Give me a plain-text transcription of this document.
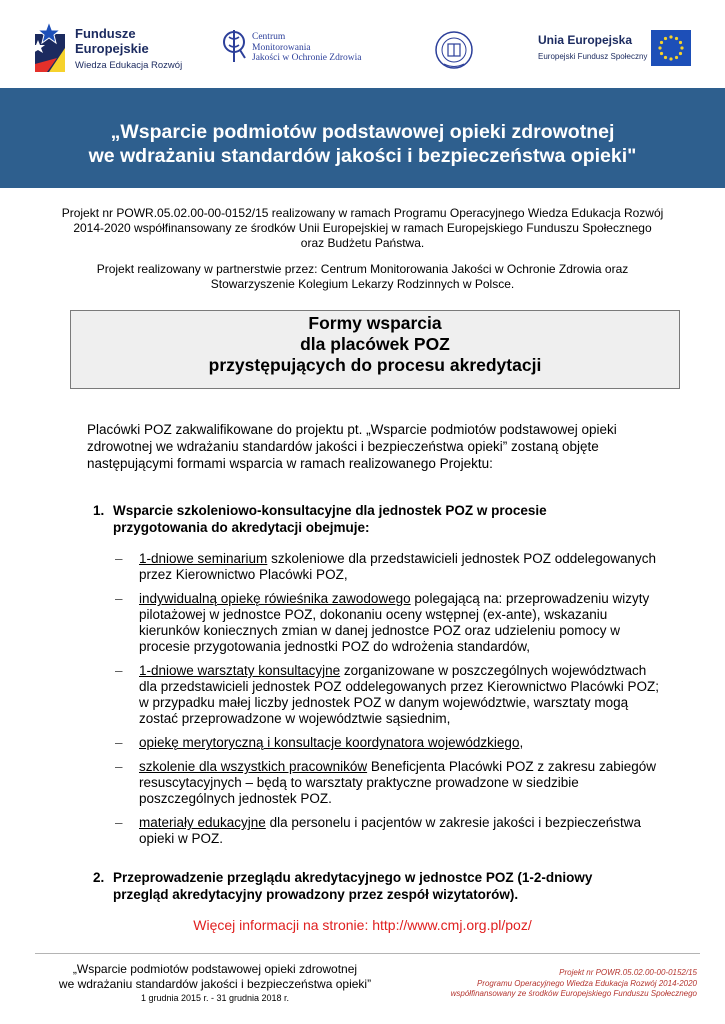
Fundusze
Europejskie
Wiedza Edukacja Rozwój
Centrum
Monitorowania
Jakości w Ochronie Zdrowia
Unia Europejska
Europejski Fundusz Społeczny
„Wsparcie podmiotów podstawowej opieki zdrowotnej
we wdrażaniu standardów jakości i bezpieczeństwa opieki"
Projekt nr POWR.05.02.00-00-0152/15 realizowany w ramach Programu Operacyjnego Wiedza Edukacja Rozwój
2014-2020 współfinansowany ze środków Unii Europejskiej w ramach Europejskiego Funduszu Społecznego
oraz Budżetu Państwa.
Projekt realizowany w partnerstwie przez: Centrum Monitorowania Jakości w Ochronie Zdrowia oraz
Stowarzyszenie Kolegium Lekarzy Rodzinnych w Polsce.
Formy wsparcia
dla placówek POZ
przystępujących do procesu akredytacji
Placówki POZ zakwalifikowane do projektu pt. „Wsparcie podmiotów podstawowej opieki
zdrowotnej we wdrażaniu standardów jakości i bezpieczeństwa opieki” zostaną objęte
następującymi formami wsparcia w ramach realizowanego Projektu:
1. Wsparcie szkoleniowo-konsultacyjne dla jednostek POZ w procesie
przygotowania do akredytacji obejmuje:
– 1-dniowe seminarium szkoleniowe dla przedstawicieli jednostek POZ oddelegowanych
przez Kierownictwo Placówki POZ,
– indywidualną opiekę rówieśnika zawodowego polegającą na: przeprowadzeniu wizyty
pilotażowej w jednostce POZ, dokonaniu oceny wstępnej (ex-ante), wskazaniu
kierunków koniecznych zmian w danej jednostce POZ oraz udzieleniu pomocy w
procesie przygotowania jednostki POZ do wdrożenia standardów,
– 1-dniowe warsztaty konsultacyjne zorganizowane w poszczególnych województwach
dla przedstawicieli jednostek POZ oddelegowanych przez Kierownictwo Placówki POZ;
w przypadku małej liczby jednostek POZ w danym województwie, warsztaty mogą
zostać przeprowadzone w województwie sąsiednim,
– opiekę merytoryczną i konsultacje koordynatora wojewódzkiego,
– szkolenie dla wszystkich pracowników Beneficjenta Placówki POZ z zakresu zabiegów
resuscytacyjnych – będą to warsztaty praktyczne prowadzone w siedzibie
poszczególnych jednostek POZ.
– materiały edukacyjne dla personelu i pacjentów w zakresie jakości i bezpieczeństwa
opieki w POZ.
2. Przeprowadzenie przeglądu akredytacyjnego w jednostce POZ (1-2-dniowy
przegląd akredytacyjny prowadzony przez zespół wizytatorów).
Więcej informacji na stronie: http://www.cmj.org.pl/poz/
„Wsparcie podmiotów podstawowej opieki zdrowotnej
we wdrażaniu standardów jakości i bezpieczeństwa opieki”
1 grudnia 2015 r. - 31 grudnia 2018 r.
Projekt nr POWR.05.02.00-00-0152/15
Programu Operacyjnego Wiedza Edukacja Rozwój 2014-2020
współfinansowany ze środków Europejskiego Funduszu Społecznego
